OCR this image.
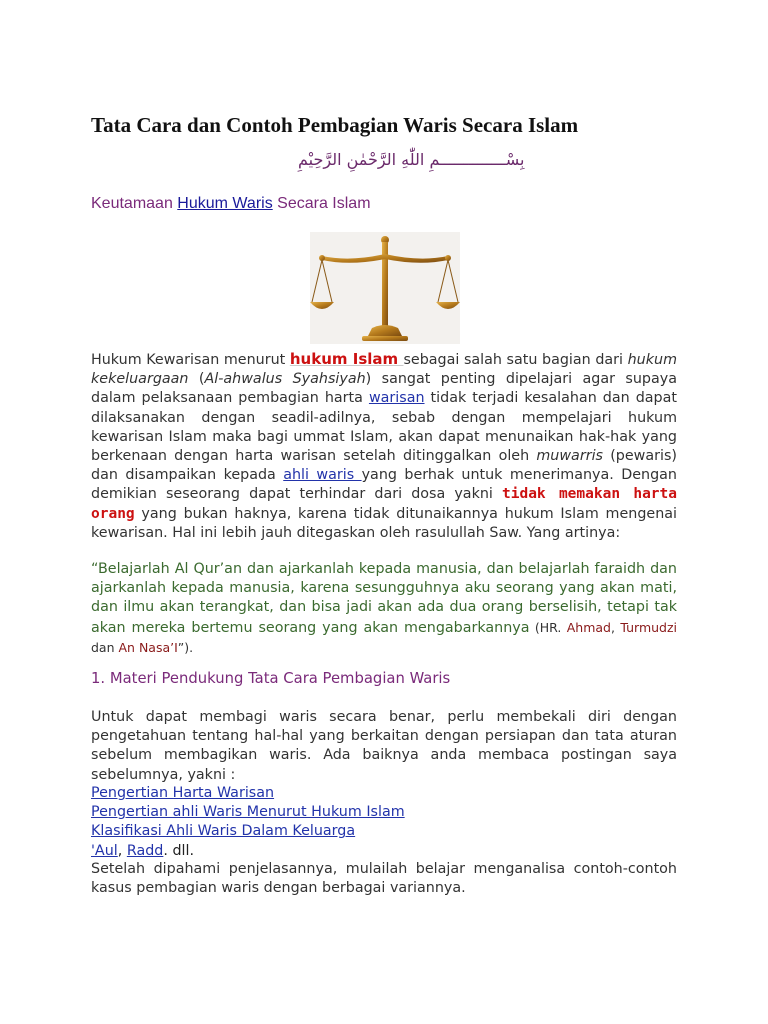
Tata Cara dan Contoh Pembagian Waris Secara Islam
بِسْــــــــــــــمِ اللّٰهِ الرَّحْمٰنِ الرَّحِيْمِ
Keutamaan Hukum Waris Secara Islam
Hukum Kewarisan menurut hukum Islam sebagai salah satu bagian dari hukum kekeluargaan (Al-ahwalus Syahsiyah) sangat penting dipelajari agar supaya dalam pelaksanaan pembagian harta warisan tidak terjadi kesalahan dan dapat dilaksanakan dengan seadil-adilnya, sebab dengan mempelajari hukum kewarisan Islam maka bagi ummat Islam, akan dapat menunaikan hak-hak yang berkenaan dengan harta warisan setelah ditinggalkan oleh muwarris (pewaris) dan disampaikan kepada ahli waris yang berhak untuk menerimanya. Dengan demikian seseorang dapat terhindar dari dosa yakni tidak memakan harta orang yang bukan haknya, karena tidak ditunaikannya hukum Islam mengenai kewarisan. Hal ini lebih jauh ditegaskan oleh rasulullah Saw. Yang artinya:
“Belajarlah Al Qur’an dan ajarkanlah kepada manusia, dan belajarlah faraidh dan ajarkanlah kepada manusia, karena sesungguhnya aku seorang yang akan mati, dan ilmu akan terangkat, dan bisa jadi akan ada dua orang berselisih, tetapi tak akan mereka bertemu seorang yang akan mengabarkannya (HR. Ahmad, Turmudzi dan An Nasa’I”).
1. Materi Pendukung Tata Cara Pembagian Waris
Untuk dapat membagi waris secara benar, perlu membekali diri dengan pengetahuan tentang hal-hal yang berkaitan dengan persiapan dan tata aturan sebelum membagikan waris. Ada baiknya anda membaca postingan saya sebelumnya, yakni :
Pengertian Harta Warisan
Pengertian ahli Waris Menurut Hukum Islam
Klasifikasi Ahli Waris Dalam Keluarga
'Aul, Radd. dll.
Setelah dipahami penjelasannya, mulailah belajar menganalisa contoh-contoh kasus pembagian waris dengan berbagai variannya.
